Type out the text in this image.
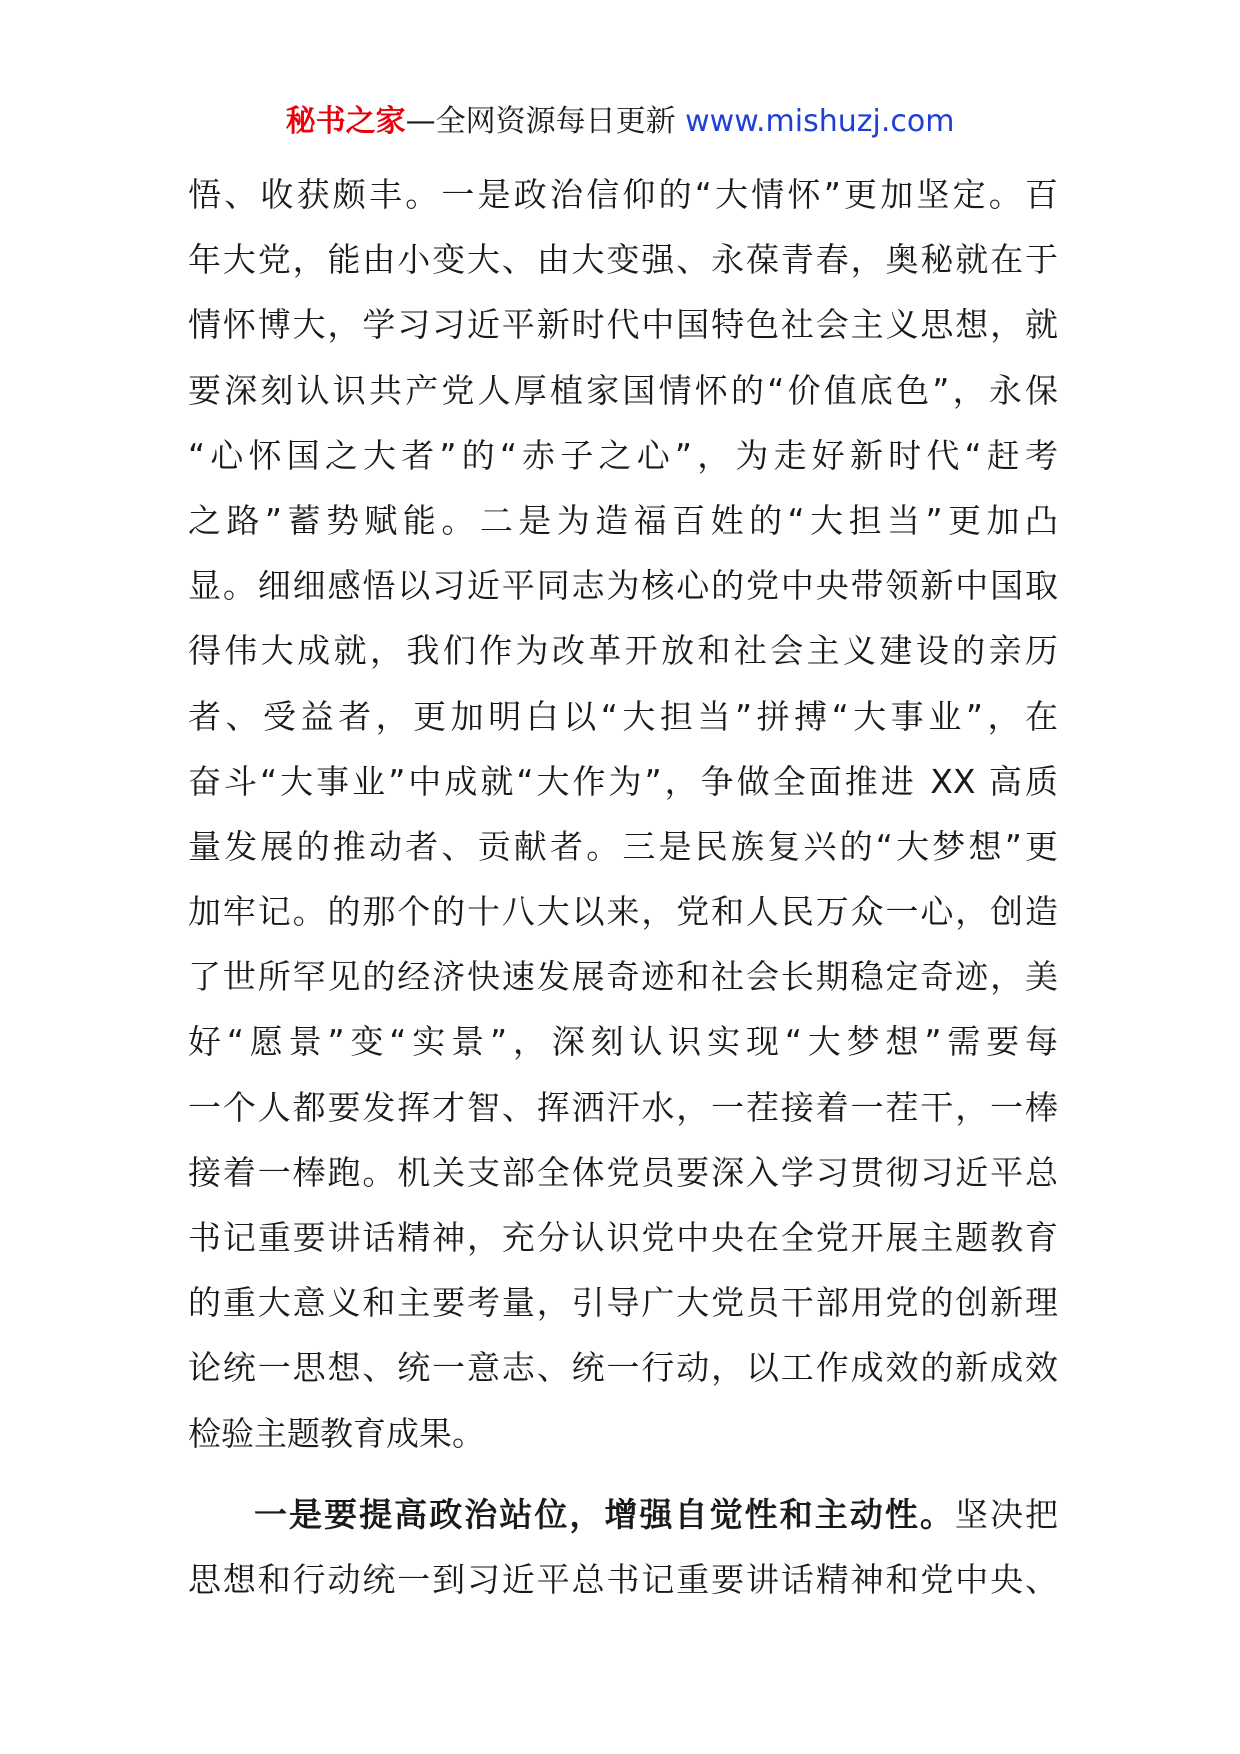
秘书之家—全网资源每日更新 www.mishuzj.com
悟、收获颇丰。一是政治信仰的“大情怀”更加坚定。百
年大党，能由小变大、由大变强、永葆青春，奥秘就在于
情怀博大，学习习近平新时代中国特色社会主义思想，就
要深刻认识共产党人厚植家国情怀的“价值底色”，永保
“心怀国之大者”的“赤子之心”，为走好新时代“赶考
之路”蓄势赋能。二是为造福百姓的“大担当”更加凸
显。细细感悟以习近平同志为核心的党中央带领新中国取
得伟大成就，我们作为改革开放和社会主义建设的亲历
者、受益者，更加明白以“大担当”拼搏“大事业”，在
奋斗“大事业”中成就“大作为”，争做全面推进 XX 高质
量发展的推动者、贡献者。三是民族复兴的“大梦想”更
加牢记。的那个的十八大以来，党和人民万众一心，创造
了世所罕见的经济快速发展奇迹和社会长期稳定奇迹，美
好“愿景”变“实景”，深刻认识实现“大梦想”需要每
一个人都要发挥才智、挥洒汗水，一茬接着一茬干，一棒
接着一棒跑。机关支部全体党员要深入学习贯彻习近平总
书记重要讲话精神，充分认识党中央在全党开展主题教育
的重大意义和主要考量，引导广大党员干部用党的创新理
论统一思想、统一意志、统一行动，以工作成效的新成效
检验主题教育成果。
一是要提高政治站位，增强自觉性和主动性。坚决把
思想和行动统一到习近平总书记重要讲话精神和党中央、
